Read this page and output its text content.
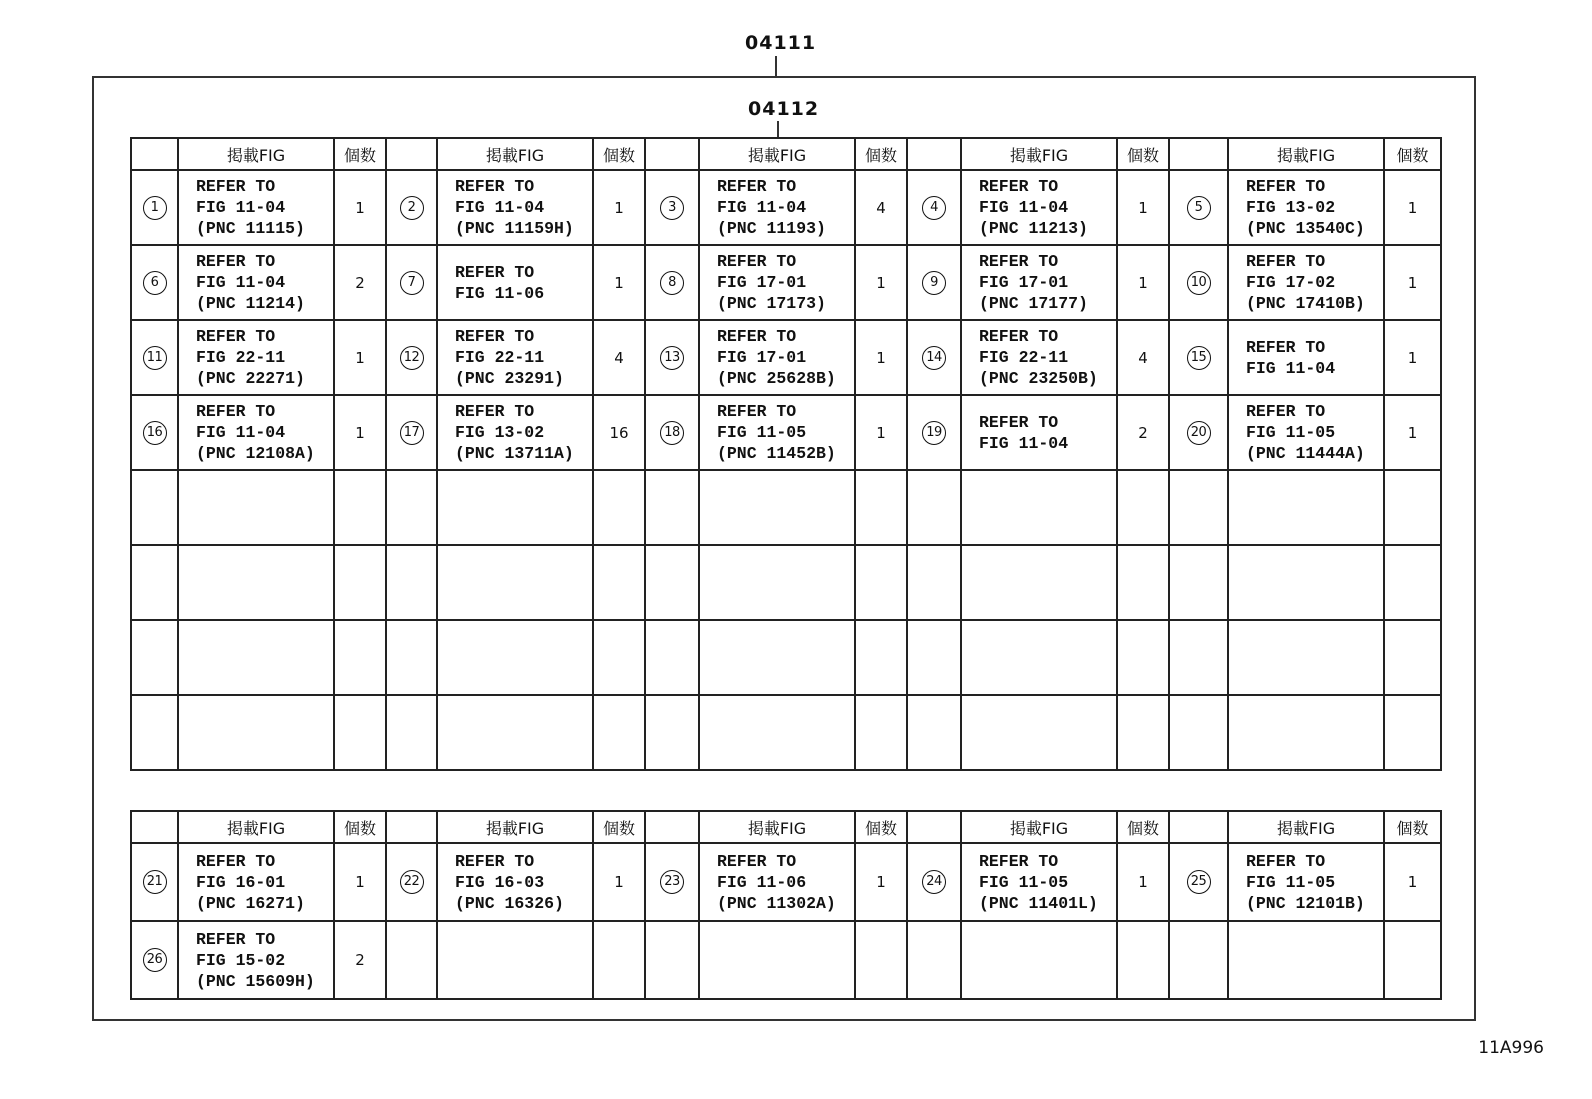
04111
04112
	掲載FIG	個数		掲載FIG	個数		掲載FIG	個数		掲載FIG	個数		掲載FIG	個数
1	REFER TO
FIG 11-04
(PNC 11115)	1	2	REFER TO
FIG 11-04
(PNC 11159H)	1	3	REFER TO
FIG 11-04
(PNC 11193)	4	4	REFER TO
FIG 11-04
(PNC 11213)	1	5	REFER TO
FIG 13-02
(PNC 13540C)	1
6	REFER TO
FIG 11-04
(PNC 11214)	2	7	REFER TO
FIG 11-06	1	8	REFER TO
FIG 17-01
(PNC 17173)	1	9	REFER TO
FIG 17-01
(PNC 17177)	1	10	REFER TO
FIG 17-02
(PNC 17410B)	1
11	REFER TO
FIG 22-11
(PNC 22271)	1	12	REFER TO
FIG 22-11
(PNC 23291)	4	13	REFER TO
FIG 17-01
(PNC 25628B)	1	14	REFER TO
FIG 22-11
(PNC 23250B)	4	15	REFER TO
FIG 11-04	1
16	REFER TO
FIG 11-04
(PNC 12108A)	1	17	REFER TO
FIG 13-02
(PNC 13711A)	16	18	REFER TO
FIG 11-05
(PNC 11452B)	1	19	REFER TO
FIG 11-04	2	20	REFER TO
FIG 11-05
(PNC 11444A)	1

	掲載FIG	個数		掲載FIG	個数		掲載FIG	個数		掲載FIG	個数		掲載FIG	個数
21	REFER TO
FIG 16-01
(PNC 16271)	1	22	REFER TO
FIG 16-03
(PNC 16326)	1	23	REFER TO
FIG 11-06
(PNC 11302A)	1	24	REFER TO
FIG 11-05
(PNC 11401L)	1	25	REFER TO
FIG 11-05
(PNC 12101B)	1
26	REFER TO
FIG 15-02
(PNC 15609H)	2												
11A996
